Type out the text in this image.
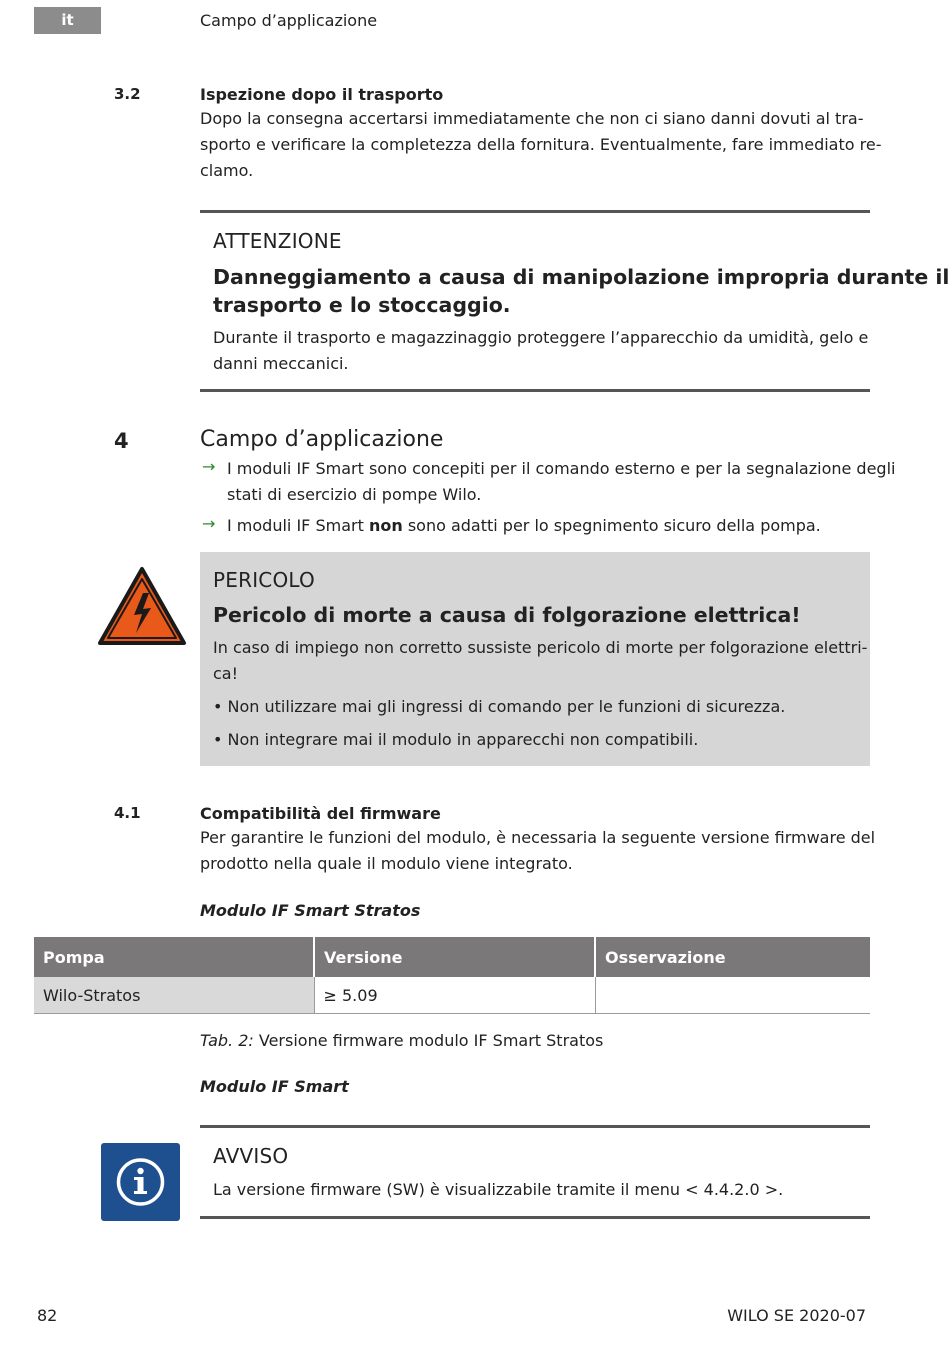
it	Campo d’applicazione
3.2	Ispezione dopo il trasporto
Dopo la consegna accertarsi immediatamente che non ci siano danni dovuti al tra-
sporto e verificare la completezza della fornitura. Eventualmente, fare immediato re-
clamo.
ATTENZIONE
Danneggiamento a causa di manipolazione impropria durante il
trasporto e lo stoccaggio.
Durante il trasporto e magazzinaggio proteggere l’apparecchio da umidità, gelo e
danni meccanici.
4	Campo d’applicazione
→ I moduli IF Smart sono concepiti per il comando esterno e per la segnalazione degli
stati di esercizio di pompe Wilo.
→ I moduli IF Smart non sono adatti per lo spegnimento sicuro della pompa.
PERICOLO
Pericolo di morte a causa di folgorazione elettrica!
In caso di impiego non corretto sussiste pericolo di morte per folgorazione elettri-
ca!
• Non utilizzare mai gli ingressi di comando per le funzioni di sicurezza.
• Non integrare mai il modulo in apparecchi non compatibili.
4.1	Compatibilità del firmware
Per garantire le funzioni del modulo, è necessaria la seguente versione firmware del
prodotto nella quale il modulo viene integrato.
Modulo IF Smart Stratos
Pompa	Versione	Osservazione
Wilo-Stratos	≥ 5.09	
Tab. 2: Versione firmware modulo IF Smart Stratos
Modulo IF Smart
AVVISO
La versione firmware (SW) è visualizzabile tramite il menu < 4.4.2.0 >.
82	WILO SE 2020-07
